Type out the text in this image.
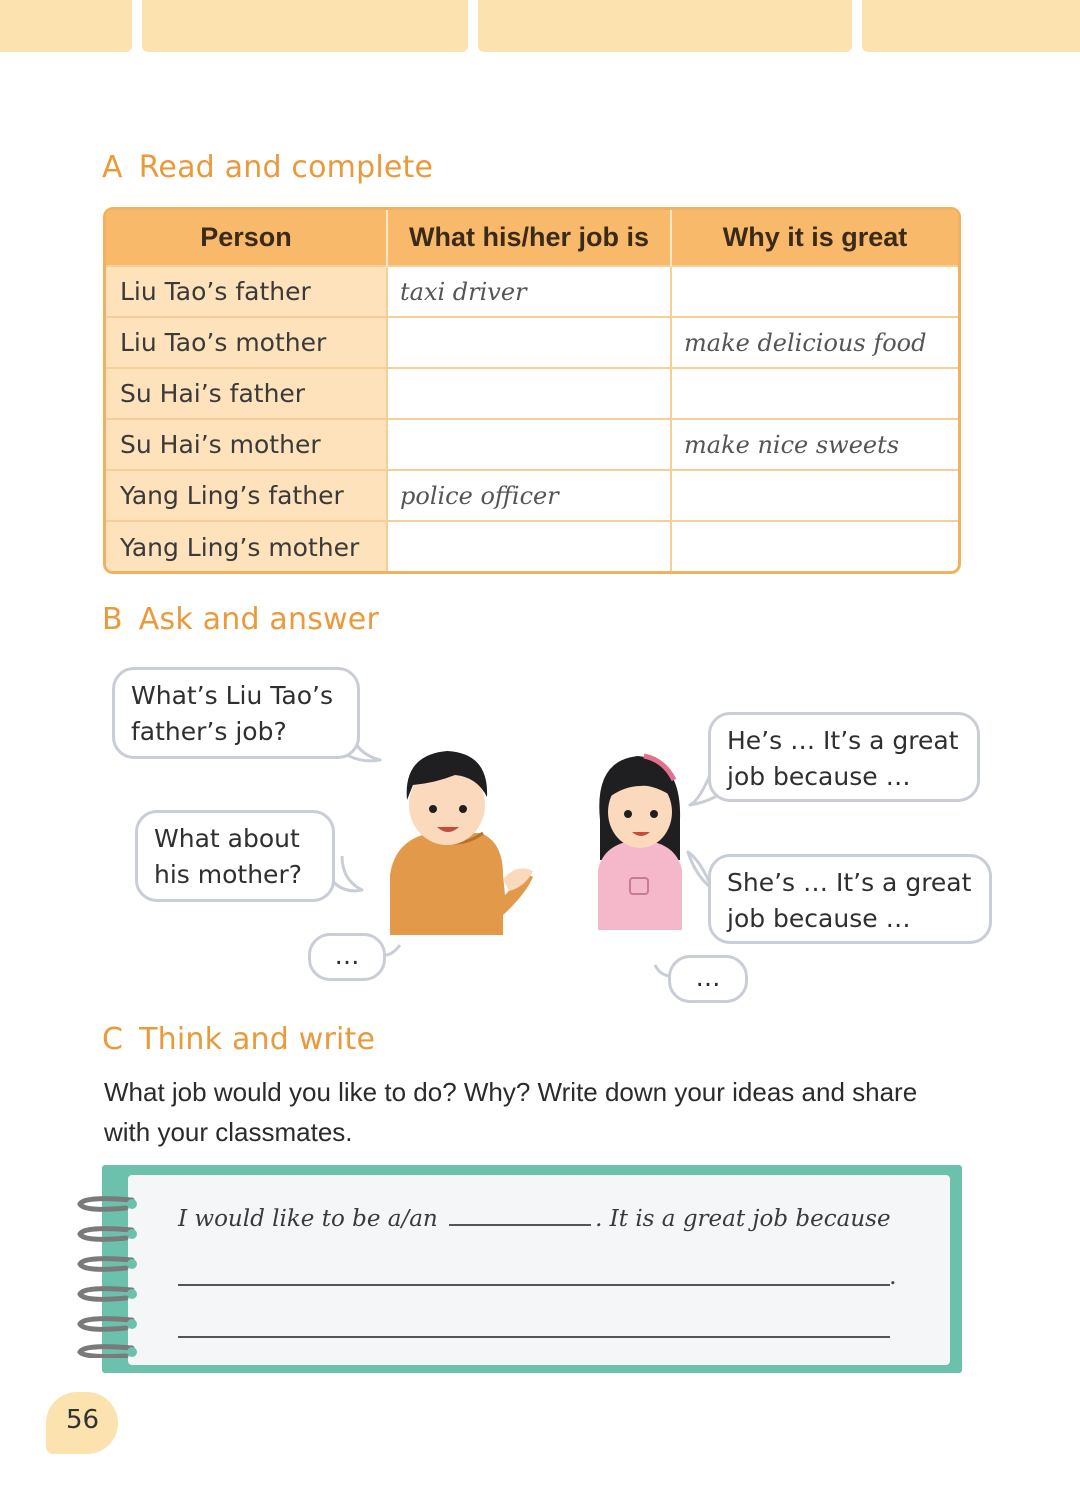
A Read and complete
Person	What his/her job is	Why it is great
Liu Tao’s father	taxi driver	
Liu Tao’s mother		make delicious food
Su Hai’s father		
Su Hai’s mother		make nice sweets
Yang Ling’s father	police officer	
Yang Ling’s mother		
B Ask and answer
What’s Liu Tao’s
father’s job?
What about
his mother?
…
He’s … It’s a great
job because …
She’s … It’s a great
job because …
…
C Think and write
What job would you like to do? Why? Write down your ideas and share with your classmates.
I would like to be a/an	. It is a great job because
.
56
